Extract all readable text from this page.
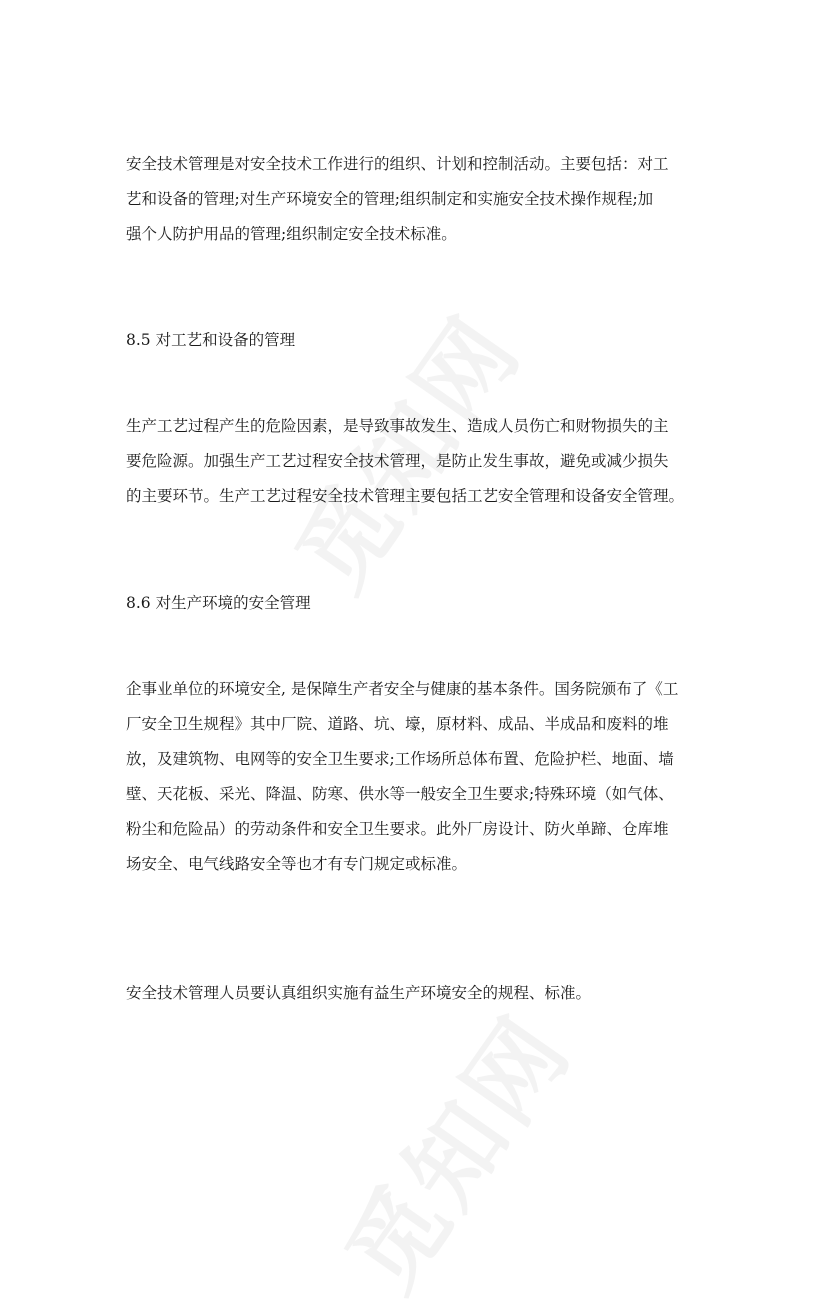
安全技术管理是对安全技术工作进行的组织、计划和控制活动。主要包括：对工
艺和设备的管理;对生产环境安全的管理;组织制定和实施安全技术操作规程;加
强个人防护用品的管理;组织制定安全技术标准。
8.5 对工艺和设备的管理
生产工艺过程产生的危险因素，是导致事故发生、造成人员伤亡和财物损失的主
要危险源。加强生产工艺过程安全技术管理，是防止发生事故，避免或减少损失
的主要环节。生产工艺过程安全技术管理主要包括工艺安全管理和设备安全管理。
8.6 对生产环境的安全管理
企事业单位的环境安全, 是保障生产者安全与健康的基本条件。国务院颁布了《工
厂安全卫生规程》其中厂院、道路、坑、壕，原材料、成品、半成品和废料的堆
放，及建筑物、电网等的安全卫生要求;工作场所总体布置、危险护栏、地面、墙
壁、天花板、采光、降温、防寒、供水等一般安全卫生要求;特殊环境（如气体、
粉尘和危险品）的劳动条件和安全卫生要求。此外厂房设计、防火单蹄、仓库堆
场安全、电气线路安全等也才有专门规定或标准。
安全技术管理人员要认真组织实施有益生产环境安全的规程、标准。
